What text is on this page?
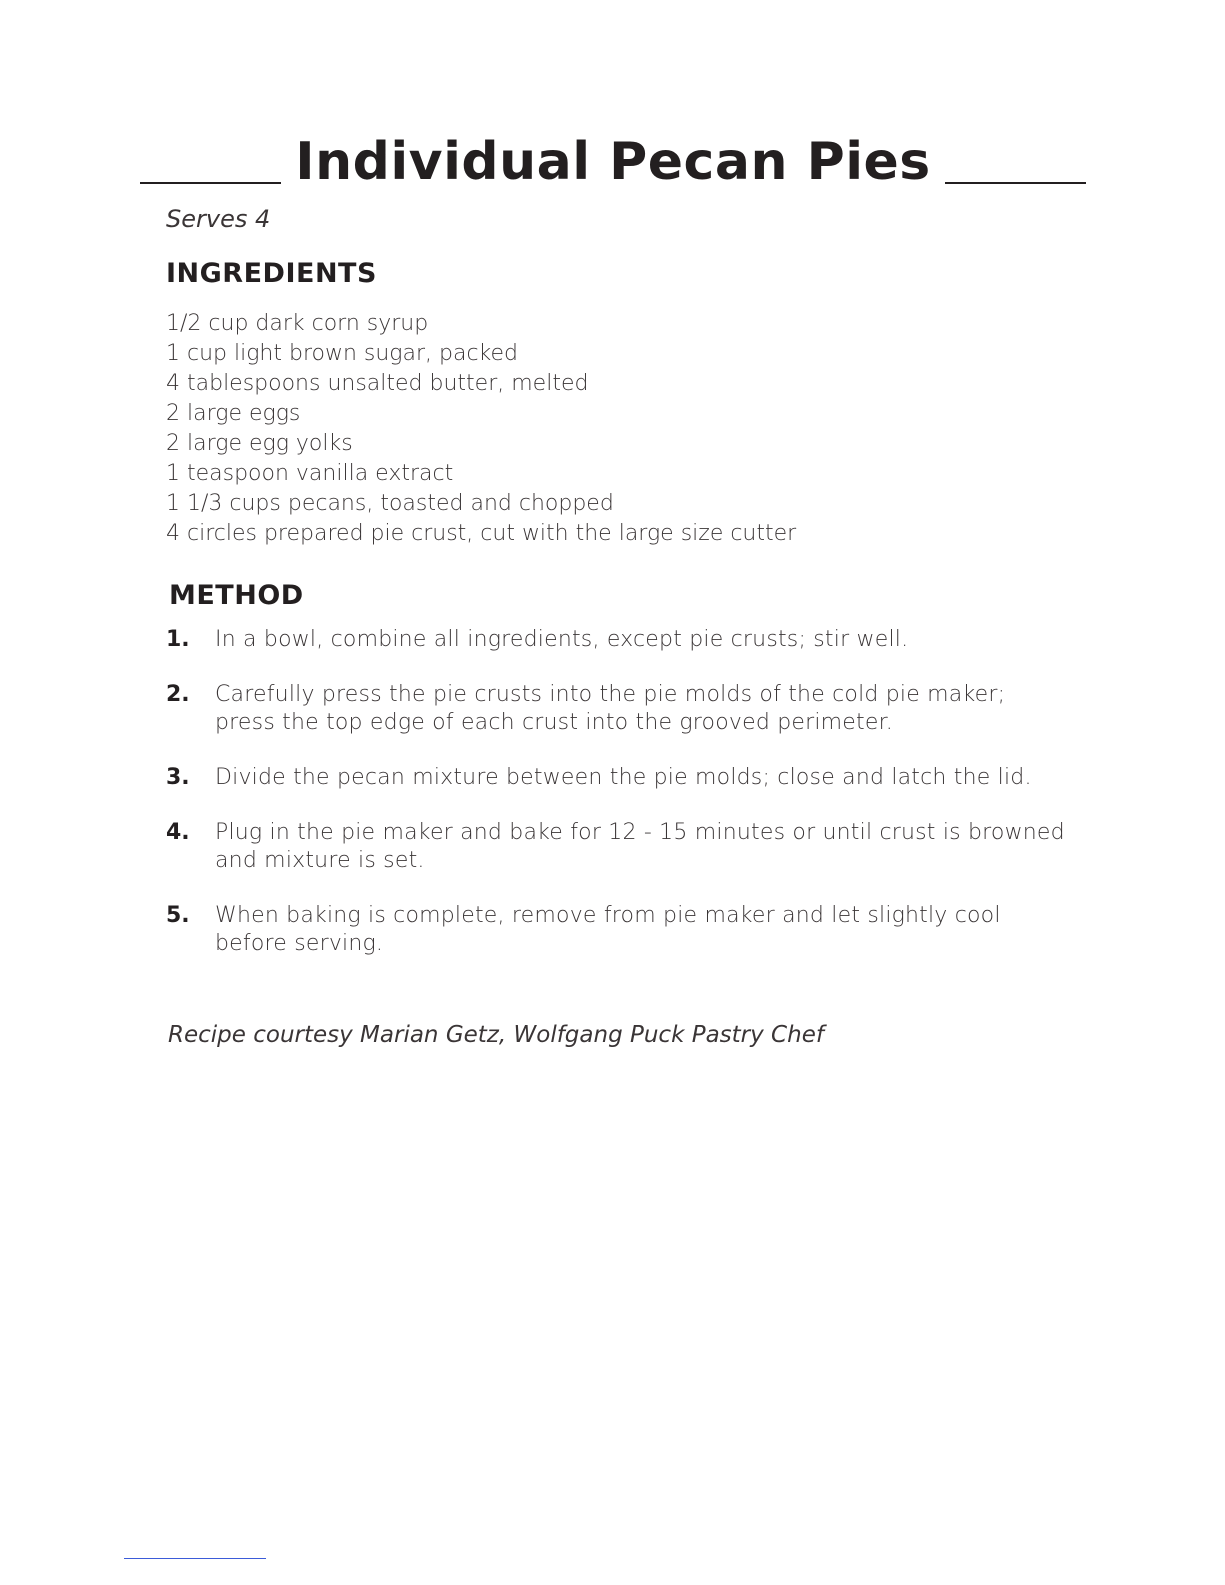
Individual Pecan Pies
Serves 4
INGREDIENTS
1/2 cup dark corn syrup
1 cup light brown sugar, packed
4 tablespoons unsalted butter, melted
2 large eggs
2 large egg yolks
1 teaspoon vanilla extract
1 1/3 cups pecans, toasted and chopped
4 circles prepared pie crust, cut with the large size cutter
METHOD
1.	In a bowl, combine all ingredients, except pie crusts; stir well.
2.	Carefully press the pie crusts into the pie molds of the cold pie maker; press the top edge of each crust into the grooved perimeter.
3.	Divide the pecan mixture between the pie molds; close and latch the lid.
4.	Plug in the pie maker and bake for 12 - 15 minutes or until crust is browned and mixture is set.
5.	When baking is complete, remove from pie maker and let slightly cool before serving.
Recipe courtesy Marian Getz, Wolfgang Puck Pastry Chef
